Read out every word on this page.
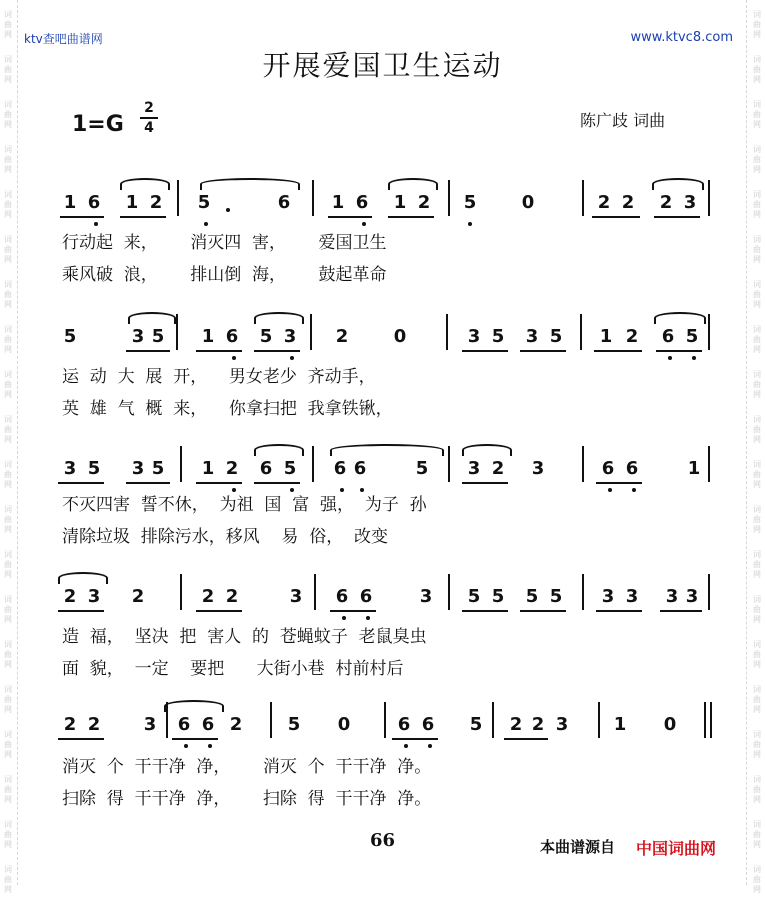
词
曲
网
词
曲
网
词
曲
网
词
曲
网
词
曲
网
词
曲
网
词
曲
网
词
曲
网
词
曲
网
词
曲
网
词
曲
网
词
曲
网
词
曲
网
词
曲
网
词
曲
网
词
曲
网
词
曲
网
词
曲
网
词
曲
网
词
曲
网
词
曲
网
词
曲
网
词
曲
网
词
曲
网
词
曲
网
词
曲
网
词
曲
网
词
曲
网
词
曲
网
词
曲
网
词
曲
网
词
曲
网
词
曲
网
词
曲
网
词
曲
网
词
曲
网
词
曲
网
词
曲
网
词
曲
网
词
曲
网
ktv查吧曲谱网	www.ktvc8.com
开展爱国卫生运动
1=G
2
4	陈广歧 词曲
1 6 1 2 5	6 1 6 1 2 5	0	2 2 2 3
5	3 5 1 6 5 3 2	0	3 5 3 5 1 2 6 5
3 5 3 5 1 2 6 5 6 6	5 3 2 3	6 6	1
2 3 2	2 2	3 6 6	3 5 5 5 5 3 3 3 3
2 2 3 6 6 2	5 0	6 6 5 2 2 3	1 0
行动起  来，      消灭四  害，      爱国卫生
乘风破  浪，      排山倒  海，      鼓起革命
运  动  大  展  开，    男女老少  齐动手，
英  雄  气  概  来，    你拿扫把  我拿铁锹，
不灭四害  誓不休，  为祖  国  富  强，  为子  孙
清除垃圾  排除污水，移风    易  俗，  改变
造  福，  坚决  把  害人  的  苍蝇蚊子  老鼠臭虫
面  貌，  一定    要把      大街小巷  村前村后
消灭  个  干干净  净，      消灭  个  干干净  净。
扫除  得  干干净  净，      扫除  得  干干净  净。
66	本曲谱源自 中国词曲网
